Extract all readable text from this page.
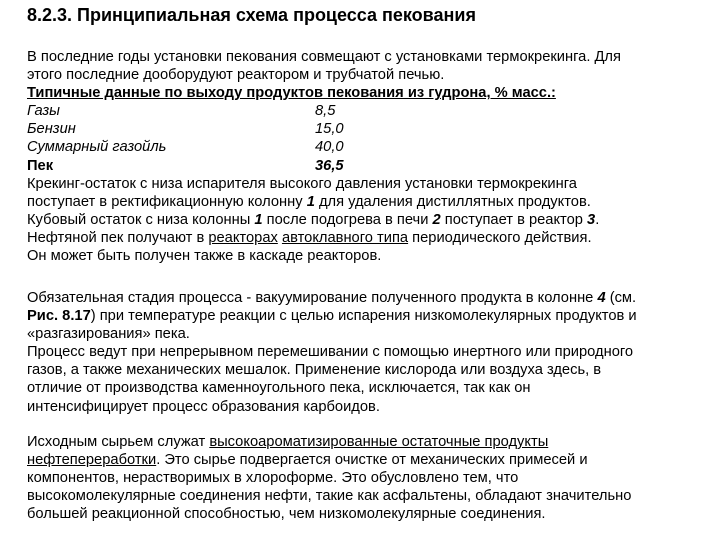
8.2.3. Принципиальная схема процесса пекования
В последние годы установки пекования совмещают с установками термокрекинга. Для
этого последние дооборудуют реактором и трубчатой печью.
Типичные данные по выходу продуктов пекования из гудрона, % масс.:
Газы	8,5
Бензин	15,0
Суммарный газойль	40,0
Пек	36,5
Крекинг-остаток с низа испарителя высокого давления установки термокрекинга
поступает в ректификационную колонну 1 для удаления дистиллятных продуктов.
Кубовый остаток с низа колонны 1 после подогрева в печи 2 поступает в реактор 3.
Нефтяной пек получают в реакторах автоклавного типа периодического действия.
Он может быть получен также в каскаде реакторов.
Обязательная стадия процесса - вакуумирование полученного продукта в колонне 4 (см.
Рис. 8.17) при температуре реакции с целью испарения низкомолекулярных продуктов и
«разгазирования» пека.
Процесс ведут при непрерывном перемешивании с помощью инертного или природного
газов, а также механических мешалок. Применение кислорода или воздуха здесь, в
отличие от производства каменноугольного пека, исключается, так как он
интенсифицирует процесс образования карбоидов.
Исходным сырьем служат высокоароматизированные остаточные продукты
нефтепереработки. Это сырье подвергается очистке от механических примесей и
компонентов, нерастворимых в хлороформе. Это обусловлено тем, что
высокомолекулярные соединения нефти, такие как асфальтены, обладают значительно
большей реакционной способностью, чем низкомолекулярные соединения.
